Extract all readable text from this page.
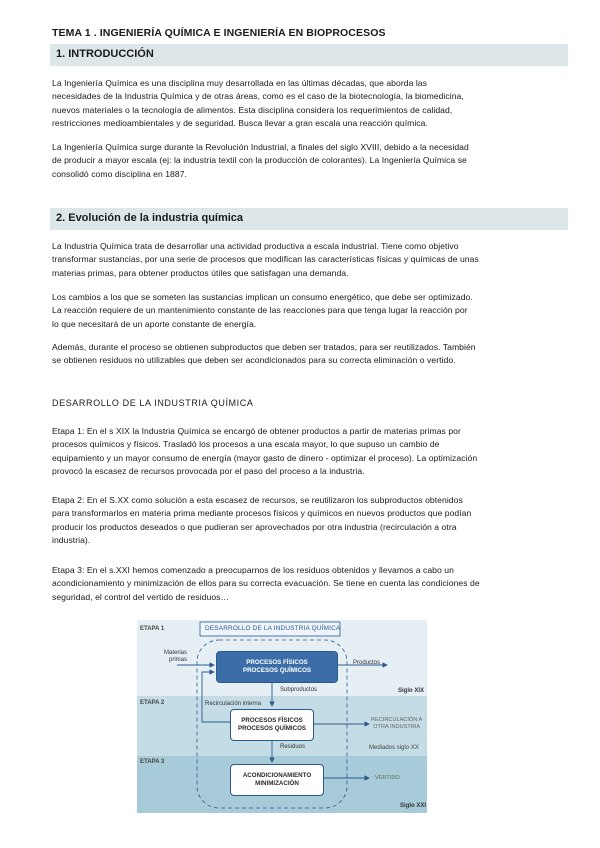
TEMA 1 . INGENIERÍA QUÍMICA E INGENIERÍA EN BIOPROCESOS
1. INTRODUCCIÓN
La Ingeniería Química es una disciplina muy desarrollada en las últimas décadas, que aborda las
necesidades de la Industria Química y de otras áreas, como es el caso de la biotecnología, la biomedicina,
nuevos materiales o la tecnología de alimentos. Esta disciplina considera los requerimientos de calidad,
restricciones medioambientales y de seguridad. Busca llevar a gran escala una reacción química.
La Ingeniería Química surge durante la Revolución Industrial, a finales del siglo XVIII, debido a la necesidad
de producir a mayor escala (ej: la industria textil con la producción de colorantes). La Ingeniería Química se
consolidó como disciplina en 1887.
2. Evolución de la industria química
La Industria Química trata de desarrollar una actividad productiva a escala industrial. Tiene como objetivo
transformar sustancias, por una serie de procesos que modifican las características físicas y químicas de unas
materias primas, para obtener productos útiles que satisfagan una demanda.
Los cambios a los que se someten las sustancias implican un consumo energético, que debe ser optimizado.
La reacción requiere de un mantenimiento constante de las reacciones para que tenga lugar la reacción por
lo que necesitará de un aporte constante de energía.
Además, durante el proceso se obtienen subproductos que deben ser tratados, para ser reutilizados. También
se obtienen residuos no utilizables que deben ser acondicionados para su correcta eliminación o vertido.
DESARROLLO DE LA INDUSTRIA QUÍMICA
Etapa 1: En el s XIX la Industria Química se encargó de obtener productos a partir de materias primas por
procesos químicos y físicos. Trasladó los procesos a una escala mayor, lo que supuso un cambio de
equipamiento y un mayor consumo de energía (mayor gasto de dinero - optimizar el proceso). La optimización
provocó la escasez de recursos provocada por el paso del proceso a la industria.
Etapa 2: En el S.XX como solución a esta escasez de recursos, se reutilizaron los subproductos obtenidos
para transformarlos en materia prima mediante procesos físicos y químicos en nuevos productos que podían
producir los productos deseados o que pudieran ser aprovechados por otra industria (recirculación a otra
industria).
Etapa 3: En el s.XXI hemos comenzado a preocuparnos de los residuos obtenidos y llevamos a cabo un
acondicionamiento y minimización de ellos para su correcta evacuación. Se tiene en cuenta las condiciones de
seguridad, el control del vertido de residuos…
ETAPA 1
ETAPA 2
ETAPA 3
DESARROLLO DE LA INDUSTRIA QUÍMICA
Materias
primas	PROCESOS FÍSICOS
PROCESOS QUÍMICOS
Productos
Subproductos	Siglo XIX
Recirculación interna
PROCESOS FÍSICOS
PROCESOS QUÍMICOS
RECIRCULACIÓN A
OTRA INDUSTRIA
Residuos	Mediados siglo XX
ACONDICIONAMIENTO
MINIMIZACIÓN
VERTIDO
Siglo XXI
